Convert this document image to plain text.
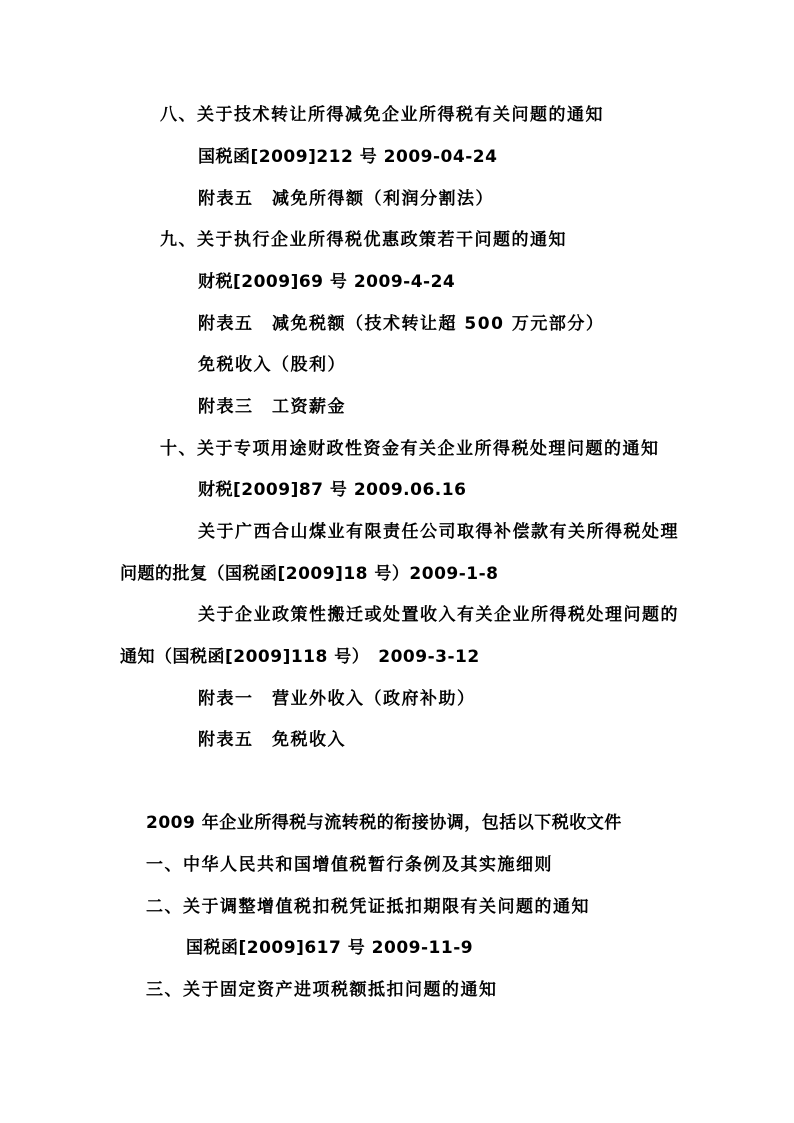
八、关于技术转让所得减免企业所得税有关问题的通知
国税函[2009]212 号 2009-04-24
附表五　减免所得额（利润分割法）
九、关于执行企业所得税优惠政策若干问题的通知
财税[2009]69 号 2009-4-24
附表五　减免税额（技术转让超 500 万元部分）
免税收入（股利）
附表三　工资薪金
十、关于专项用途财政性资金有关企业所得税处理问题的通知
财税[2009]87 号 2009.06.16
关于广西合山煤业有限责任公司取得补偿款有关所得税处理
问题的批复（国税函[2009]18 号）2009-1-8
关于企业政策性搬迁或处置收入有关企业所得税处理问题的
通知（国税函[2009]118 号）　2009-3-12
附表一　营业外收入（政府补助）
附表五　免税收入
2009 年企业所得税与流转税的衔接协调，包括以下税收文件
一、中华人民共和国增值税暂行条例及其实施细则
二、关于调整增值税扣税凭证抵扣期限有关问题的通知
国税函[2009]617 号 2009-11-9
三、关于固定资产进项税额抵扣问题的通知
